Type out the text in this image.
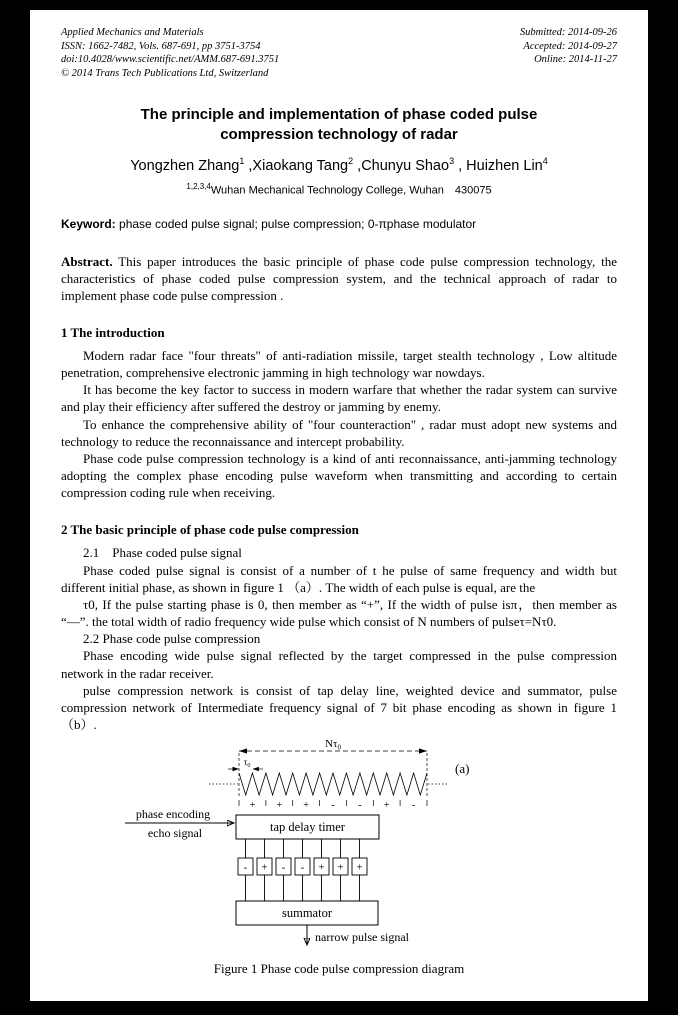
Applied Mechanics and Materials
ISSN: 1662-7482, Vols. 687-691, pp 3751-3754
doi:10.4028/www.scientific.net/AMM.687-691.3751
© 2014 Trans Tech Publications Ltd, Switzerland
Submitted: 2014-09-26
Accepted: 2014-09-27
Online: 2014-11-27
The principle and implementation of phase coded pulse compression technology of radar
Yongzhen Zhang$^1$ ,Xiaokang Tang$^2$ ,Chunyu Shao$^3$ , Huizhen Lin$^4$
$^{1,2,3,4}$Wuhan Mechanical Technology College, Wuhan 430075

Keyword: phase coded pulse signal; pulse compression; 0-πphase modulator

Abstract. This paper introduces the basic principle of phase code pulse compression technology, the characteristics of phase coded pulse compression system, and the technical approach of radar to implement phase code pulse compression .

1 The introduction

Modern radar face "four threats" of anti-radiation missile, target stealth technology , Low altitude penetration, comprehensive electronic jamming in high technology war nowdays.

It has become the key factor to success in modern warfare that whether the radar system can survive and play their efficiency after suffered the destroy or jamming by enemy.

To enhance the comprehensive ability of "four counteraction" , radar must adopt new systems and technology to reduce the reconnaissance and intercept probability.

Phase code pulse compression technology is a kind of anti reconnaissance, anti-jamming technology adopting the complex phase encoding pulse waveform when transmitting and according to certain compression coding rule when receiving.

2 The basic principle of phase code pulse compression

2.1  Phase coded pulse signal

Phase coded pulse signal is consist of a number of t he pulse of same frequency and width but different initial phase, as shown in figure 1 （a）. The width of each pulse is equal, are the

τ0, If the pulse starting phase is 0, then member as “+”, If the width of pulse isπ，then member as “—”. the total width of radio frequency wide pulse which consist of N numbers of pulseτ=Nτ0.

2.2 Phase code pulse compression

Phase encoding wide pulse signal reflected by the target compressed in the pulse compression network in the radar receiver.

pulse compression network is consist of tap delay line, weighted device and summator, pulse compression network of Intermediate frequency signal of 7 bit phase encoding as shown in figure 1 （b）.

$N\tau_0$
$\tau_0$
+ + + - - + -
(a)
phase encoding
echo signal	tap delay timer
- + - - + + +
summator
narrow pulse signal
Figure 1 Phase code pulse compression diagram
